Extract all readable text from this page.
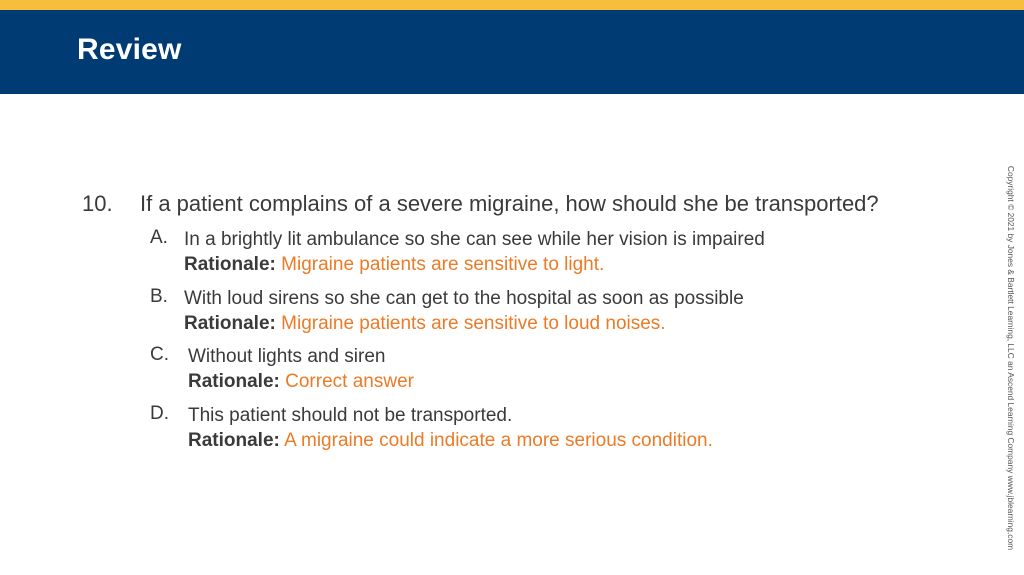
Review
10. If a patient complains of a severe migraine, how should she be transported?
A. In a brightly lit ambulance so she can see while her vision is impaired
Rationale: Migraine patients are sensitive to light.
B. With loud sirens so she can get to the hospital as soon as possible
Rationale: Migraine patients are sensitive to loud noises.
C. Without lights and siren
Rationale: Correct answer
D. This patient should not be transported.
Rationale: A migraine could indicate a more serious condition.	Copyright © 2021 by Jones & Bartlett Learning, LLC an Ascend Learning Company www.jblearning.com
